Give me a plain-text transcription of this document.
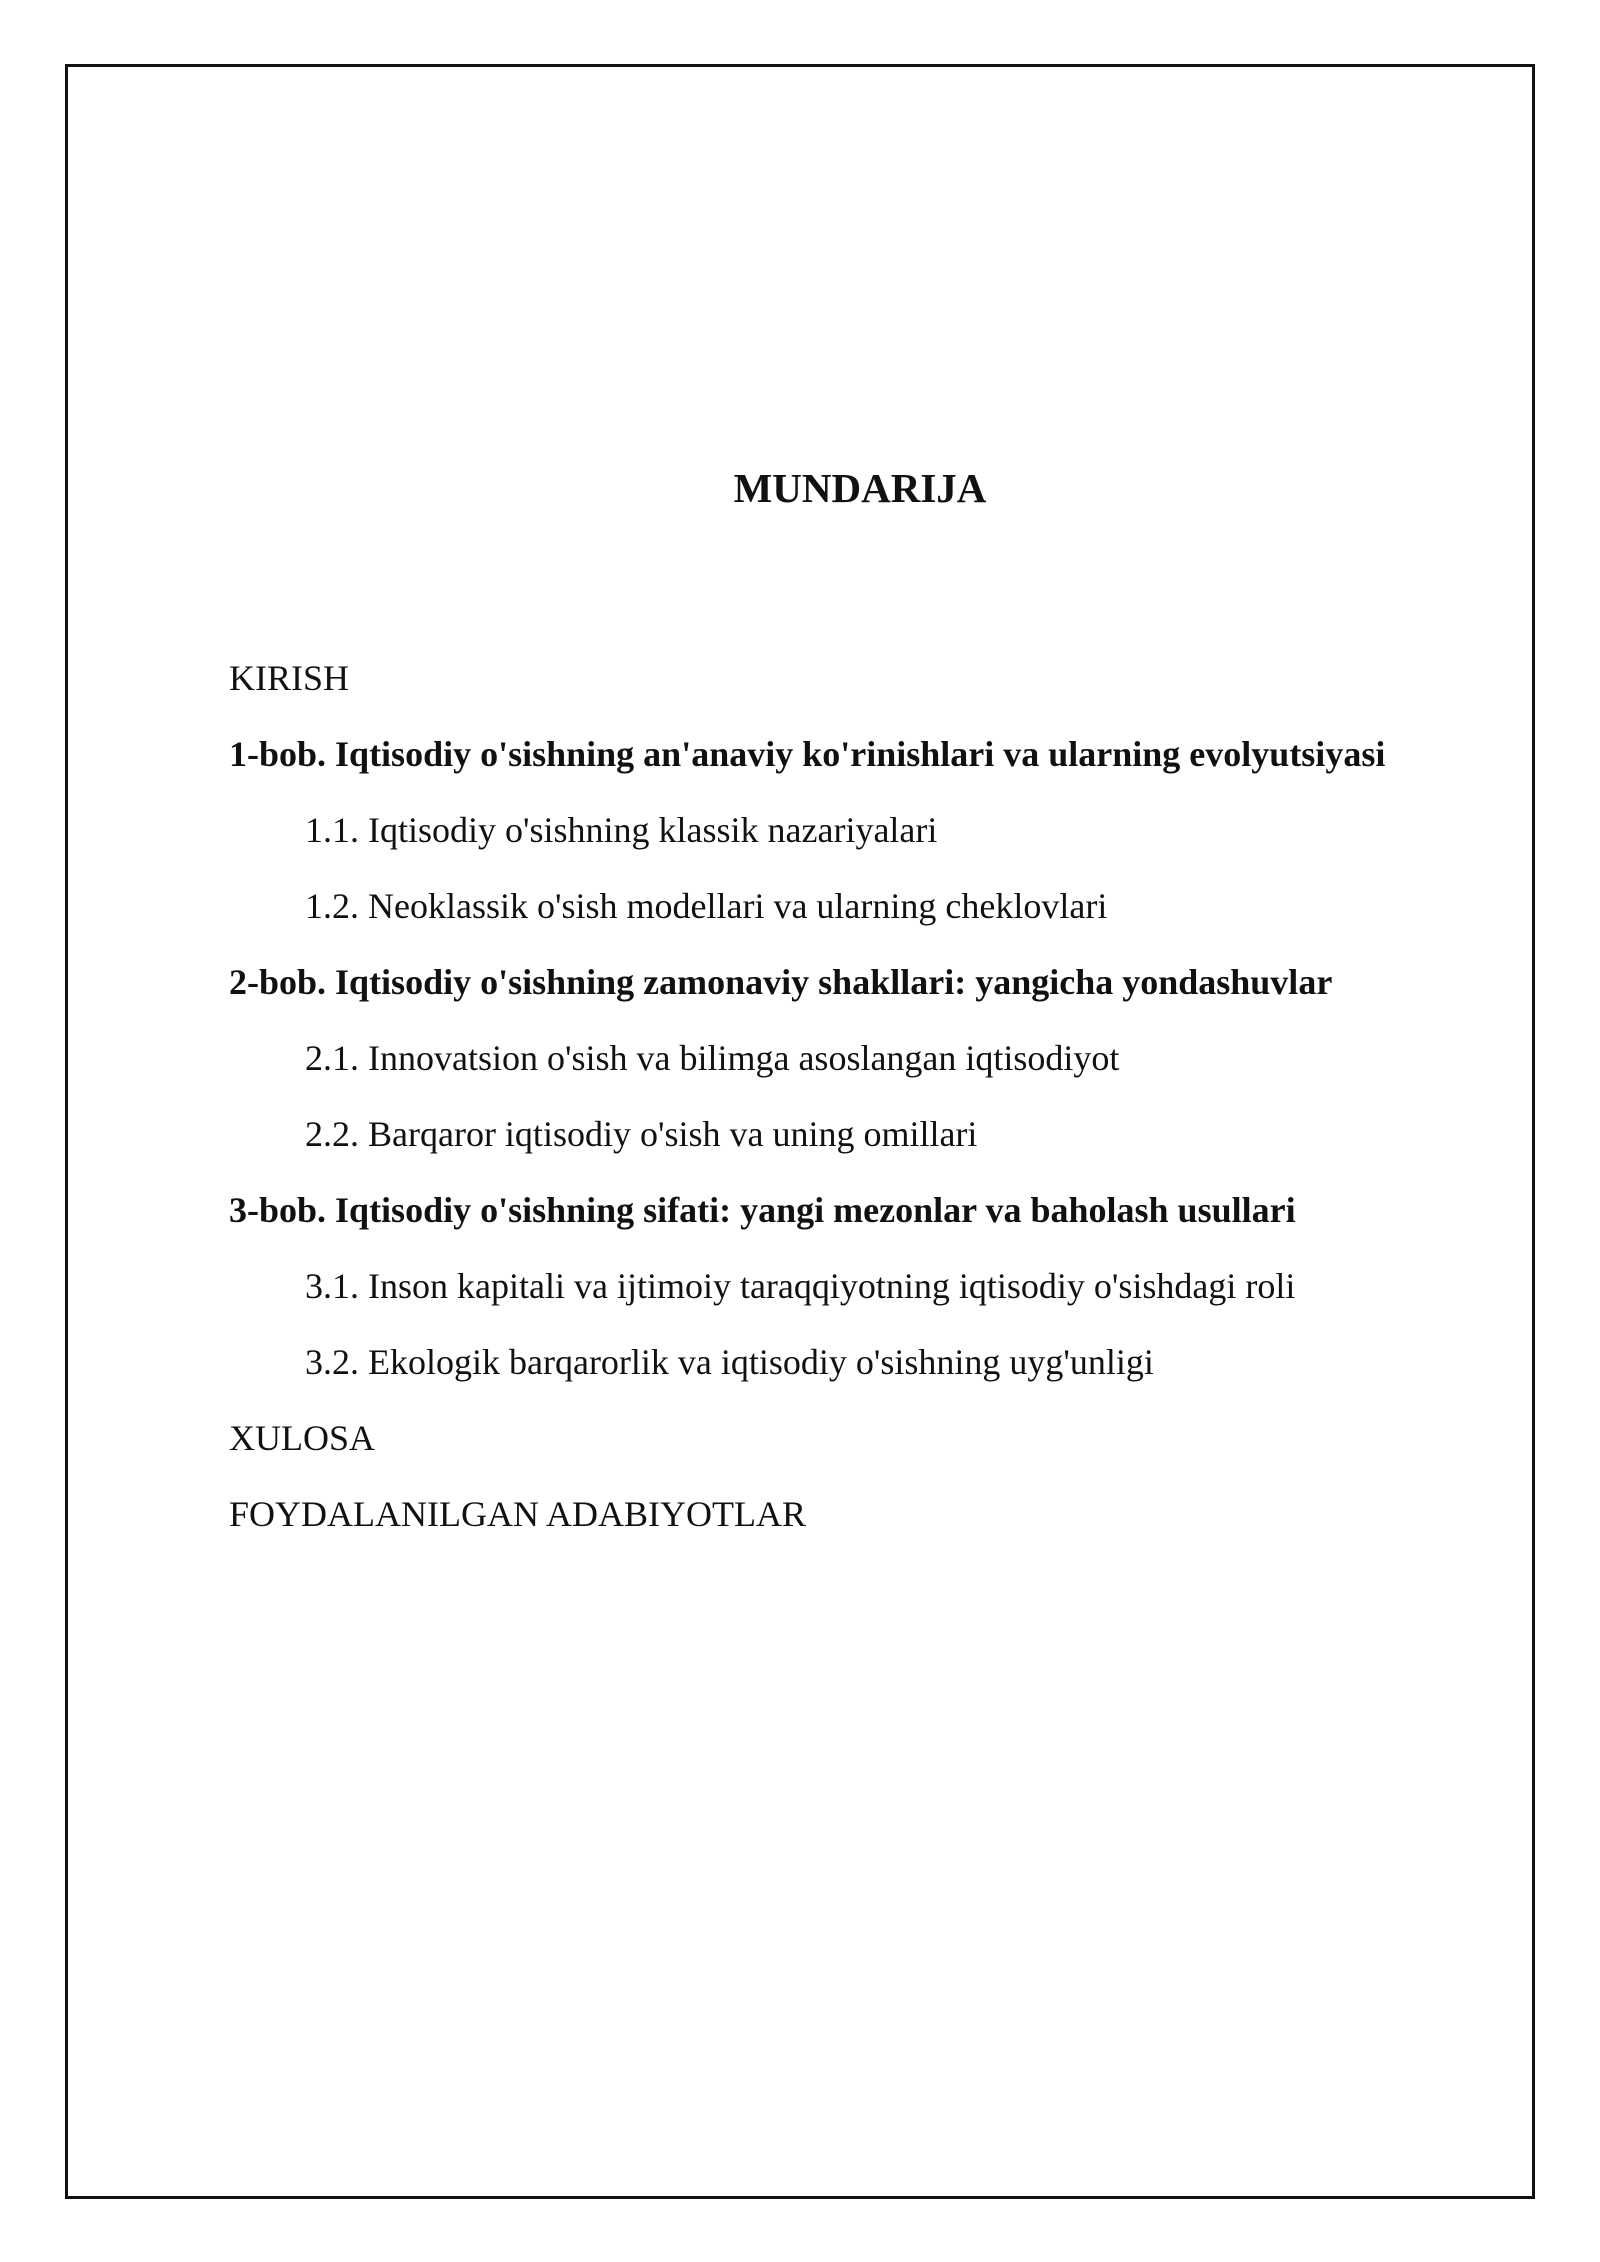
MUNDARIJA
KIRISH
1-bob. Iqtisodiy o'sishning an'anaviy ko'rinishlari va ularning evolyutsiyasi
1.1. Iqtisodiy o'sishning klassik nazariyalari
1.2. Neoklassik o'sish modellari va ularning cheklovlari
2-bob. Iqtisodiy o'sishning zamonaviy shakllari: yangicha yondashuvlar
2.1. Innovatsion o'sish va bilimga asoslangan iqtisodiyot
2.2. Barqaror iqtisodiy o'sish va uning omillari
3-bob. Iqtisodiy o'sishning sifati: yangi mezonlar va baholash usullari
3.1. Inson kapitali va ijtimoiy taraqqiyotning iqtisodiy o'sishdagi roli
3.2. Ekologik barqarorlik va iqtisodiy o'sishning uyg'unligi
XULOSA
FOYDALANILGAN ADABIYOTLAR
